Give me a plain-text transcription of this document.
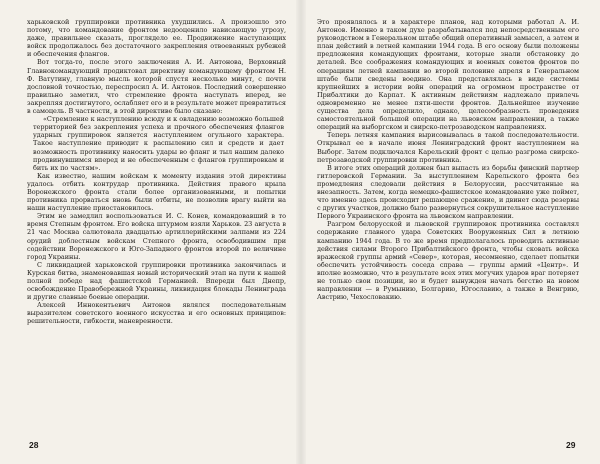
харьковской группировки противника ухудшились. А произошло это потому, что командование фронтом недооценило нависающую угрозу, даже, правильнее сказать, проглядело ее. Продвижение наступающих войск продолжалось без достаточного закрепления отвоеванных рубежей и обеспечения флангов.

Вот тогда-то, после этого заключения А. И. Антонова, Верховный Главнокомандующий продиктовал директиву командующему фронтом Н. Ф. Ватутину, главную мысль которой спустя несколько минут, с почти дословной точностью, переспросил А. И. Антонов. Последний совершенно правильно заметил, что стремление фронта наступать вперед, не закрепляя достигнутого, ослабляет его и в результате может превратиться в самоцель. В частности, в этой директиве было сказано:

«Стремление к наступлению всюду и к овладению возможно большей территорией без закрепления успеха и прочного обеспечения флангов ударных группировок является наступлением огульного характера. Такое наступление приводит к распылению сил и средств и дает возможность противнику наносить удары во фланг и тыл нашим далеко продвинувшимся вперед и не обеспеченным с флангов группировкам и бить их по частям».

Как известно, нашим войскам к моменту издания этой директивы удалось отбить контрудар противника. Действия правого крыла Воронежского фронта стали более организованными, и попытки противника прорваться вновь были отбиты, не позволив врагу выйти на наши наступление приостановилось.

Этим не замедлил воспользоваться И. С. Конев, командовавший в то время Степным фронтом. Его войска штурмом взяли Харьков. 23 августа в 21 час Москва салютовала двадцатью артиллерийскими залпами из 224 орудий доблестным войскам Степного фронта, освободившим при содействии Воронежского и Юго-Западного фронтов второй по величине город Украины.

С ликвидацией харьковской группировки противника закончилась и Курская битва, знаменовавшая новый исторический этап на пути к нашей полной победе над фашистской Германией. Впереди был Днепр, освобождение Правобережной Украины, ликвидация блокады Ленинграда и другие славные боевые операции.

Алексей Иннокентьевич Антонов являлся последовательным выразителем советского военного искусства и его основных принципов: решительности, гибкости, маневренности.

28

Это проявлялось и в характере планов, над которыми работал А. И. Антонов. Именно в таком духе разрабатывался под непосредственным его руководством в Генеральном штабе общий оперативный замысел, а затем и план действий в летней кампании 1944 года. В его основу были положены предложения командующих фронтами, которые знали обстановку до деталей. Все соображения командующих и военных советов фронтов по операциям летней кампании во второй половине апреля в Генеральном штабе были сведены воедино. Она представлялась в виде системы крупнейших в истории войн операций на огромном пространстве от Прибалтики до Карпат. К активным действиям надлежало привлечь одновременно не менее пяти-шести фронтов. Дальнейшее изучение существа дела определило, однако, целесообразность проведения самостоятельной большой операции на львовском направлении, а также операций на выборгском и свирско-петрозаводском направлениях.

Теперь летняя кампания вырисовывалась в такой последовательности. Открывал ее в начале июня Ленинградский фронт наступлением на Выборг. Затем подключался Карельский фронт с целью разгрома свирско-петрозаводской группировки противника.

В итоге этих операций должен был выпасть из борьбы финский партнер гитлеровской Германии. За выступлением Карельского фронта без промедления следовали действия в Белоруссии, рассчитанные на внезапность. Затем, когда немецко-фашистское командование уже поймет, что именно здесь происходит решающее сражение, и двинет сюда резервы с других участков, должно было развернуться сокрушительное наступление Первого Украинского фронта на львовском направлении.

Разгром белорусской и львовской группировок противника составлял содержание главного удара Советских Вооруженных Сил в летнюю кампанию 1944 года. В то же время предполагалось проводить активные действия силами Второго Прибалтийского фронта, чтобы сковать войска вражеской группы армий «Север», которая, несомненно, сделает попытки обеспечить устойчивость соседа справа — группы армий «Центр». И вполне возможно, что в результате всех этих могучих ударов враг потеряет не только свои позиции, но и будет вынужден начать бегство на новом направлении — в Румынию, Болгарию, Югославию, а также в Венгрию, Австрию, Чехословакию.

29
